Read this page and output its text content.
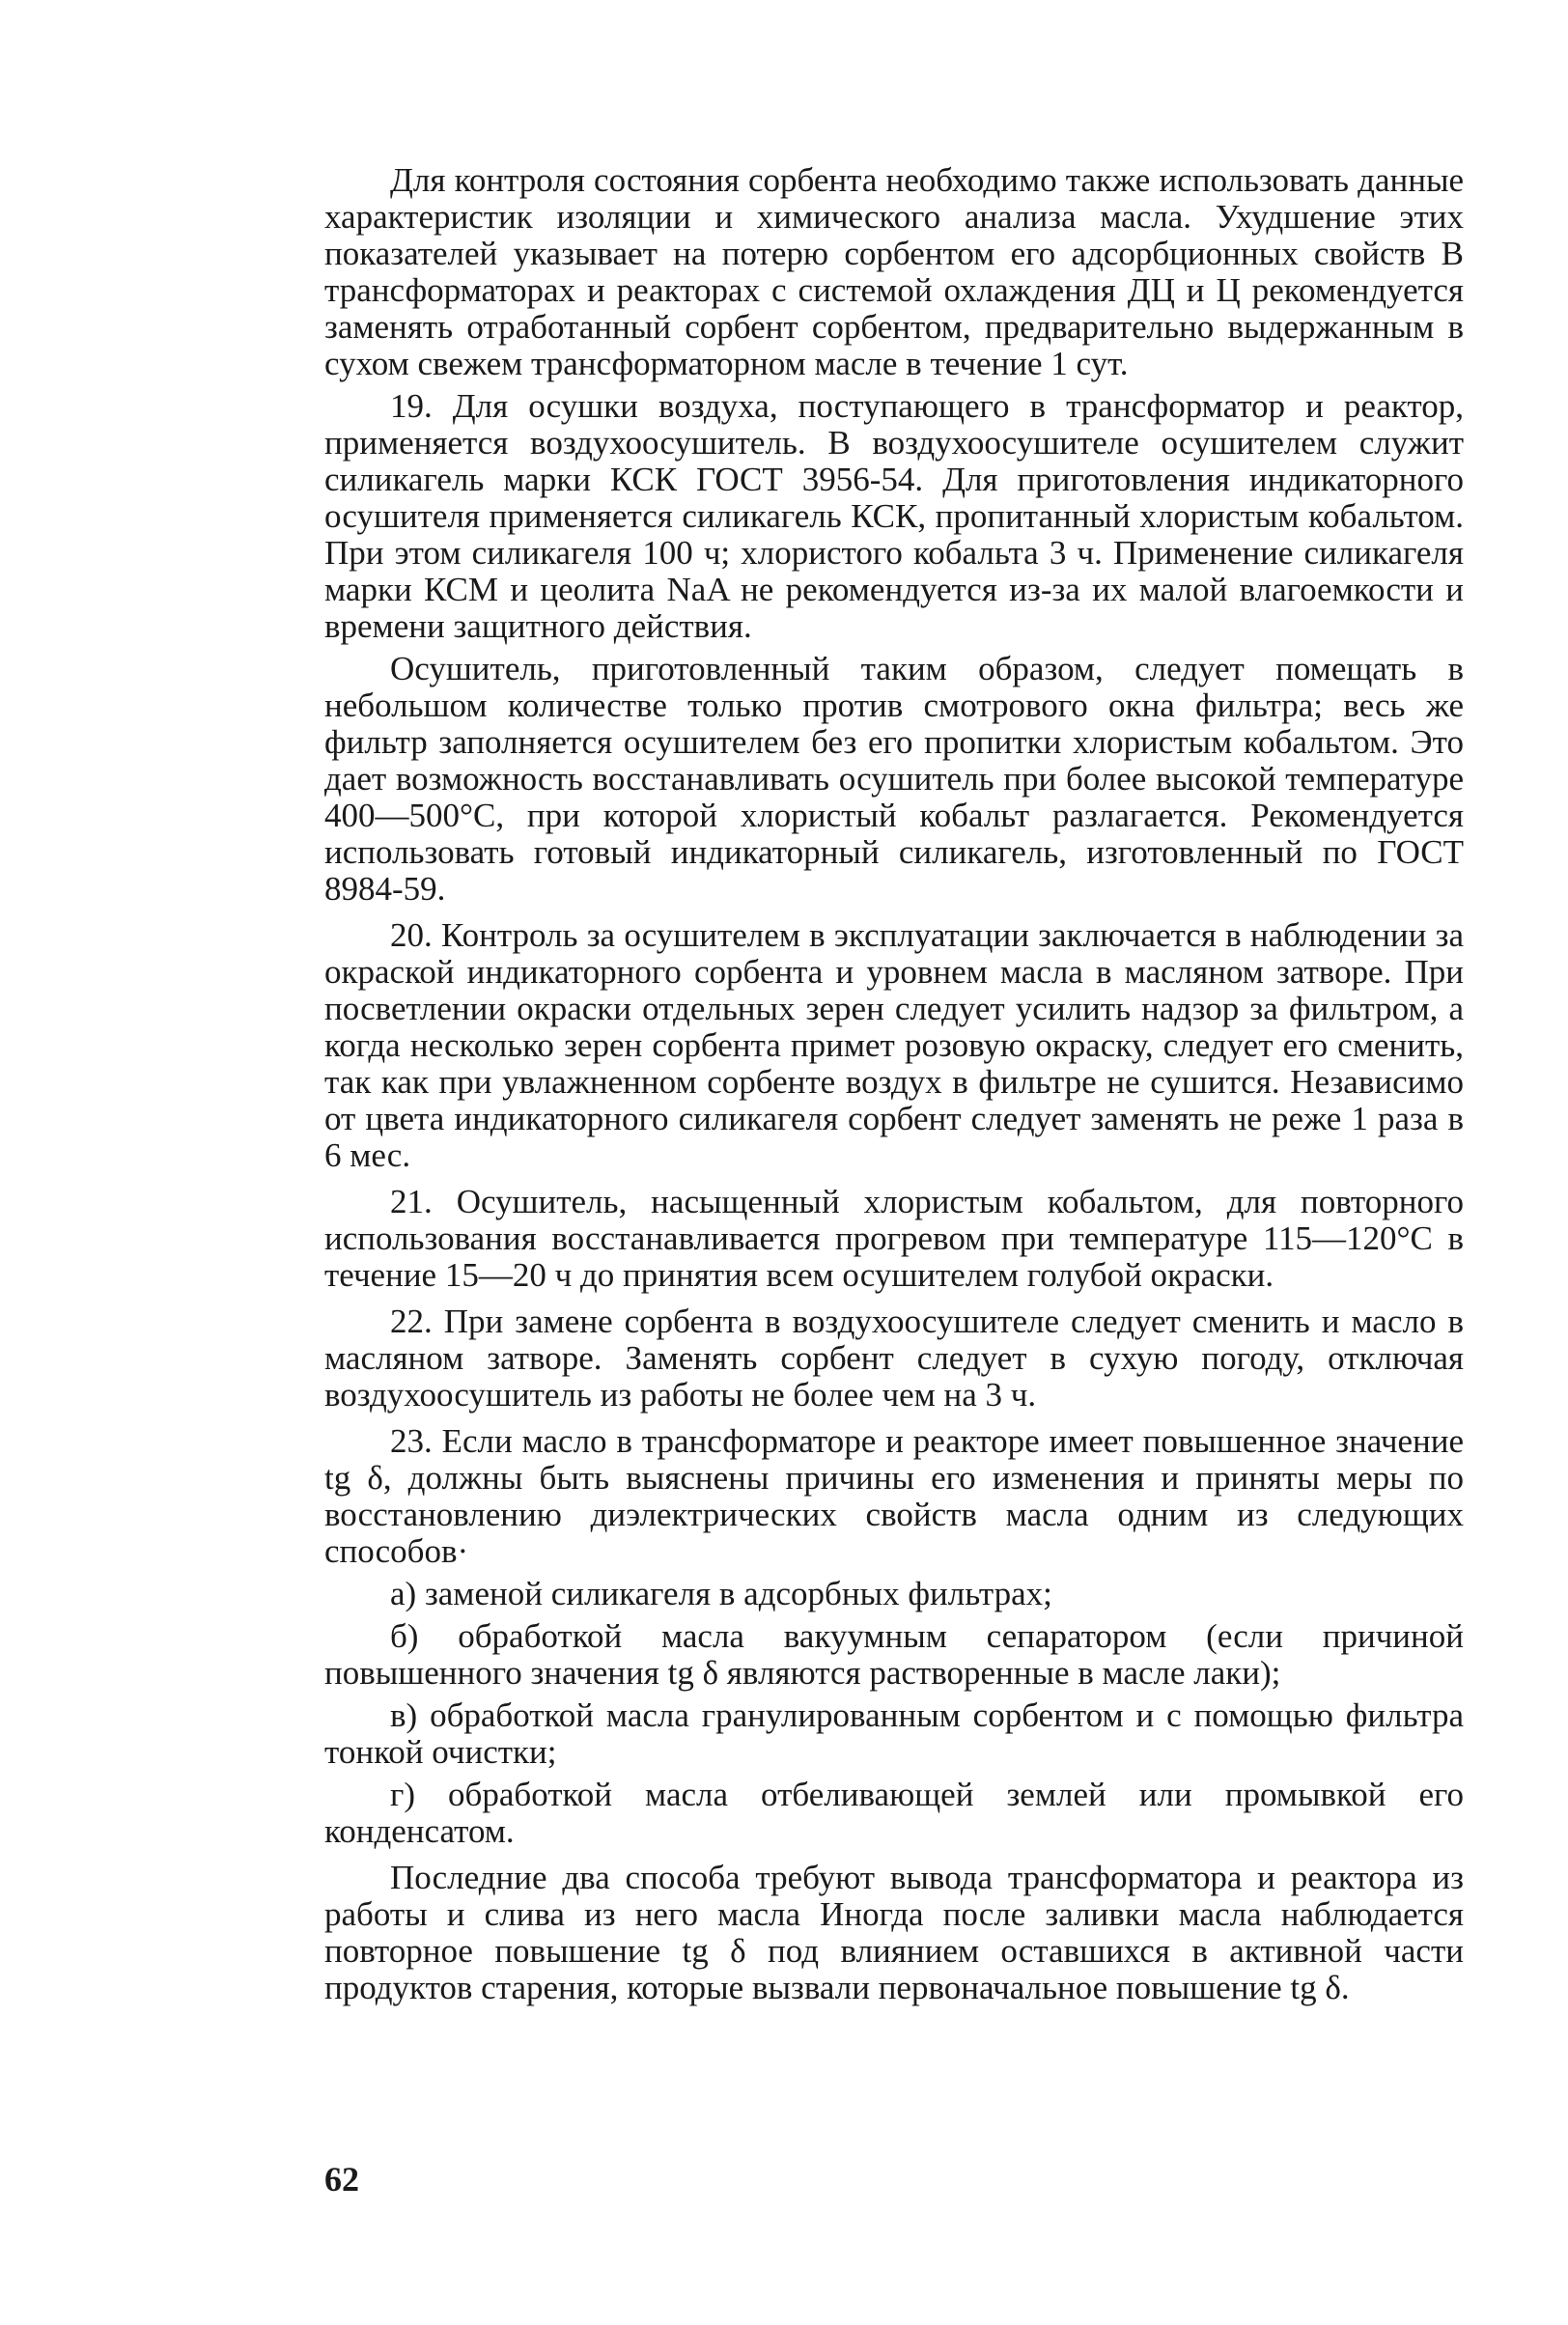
Для контроля состояния сорбента необходимо также использовать данные характеристик изоляции и химического анализа масла. Ухудшение этих показателей указывает на потерю сорбентом его адсорбционных свойств В трансформаторах и реакторах с системой охлаждения ДЦ и Ц рекомендуется заменять отработанный сорбент сорбентом, предварительно выдержанным в сухом свежем трансформаторном масле в течение 1 сут.

19. Для осушки воздуха, поступающего в трансформатор и реактор, применяется воздухоосушитель. В воздухоосушителе осушителем служит силикагель марки КСК ГОСТ 3956-54. Для приготовления индикаторного осушителя применяется силикагель КСК, пропитанный хлористым кобальтом. При этом силикагеля 100 ч; хлористого кобальта 3 ч. Применение силикагеля марки КСМ и цеолита NaA не рекомендуется из-за их малой влагоемкости и времени защитного действия.

Осушитель, приготовленный таким образом, следует помещать в небольшом количестве только против смотрового окна фильтра; весь же фильтр заполняется осушителем без его пропитки хлористым кобальтом. Это дает возможность восстанавливать осушитель при более высокой температуре 400—500°С, при которой хлористый кобальт разлагается. Рекомендуется использовать готовый индикаторный силикагель, изготовленный по ГОСТ 8984-59.

20. Контроль за осушителем в эксплуатации заключается в наблюдении за окраской индикаторного сорбента и уровнем масла в масляном затворе. При посветлении окраски отдельных зерен следует усилить надзор за фильтром, а когда несколько зерен сорбента примет розовую окраску, следует его сменить, так как при увлажненном сорбенте воздух в фильтре не сушится. Независимо от цвета индикаторного силикагеля сорбент следует заменять не реже 1 раза в 6 мес.

21. Осушитель, насыщенный хлористым кобальтом, для повторного использования восстанавливается прогревом при температуре 115—120°С в течение 15—20 ч до принятия всем осушителем голубой окраски.

22. При замене сорбента в воздухоосушителе следует сменить и масло в масляном затворе. Заменять сорбент следует в сухую погоду, отключая воздухоосушитель из работы не более чем на 3 ч.

23. Если масло в трансформаторе и реакторе имеет повышенное значение tg δ, должны быть выяснены причины его изменения и приняты меры по восстановлению диэлектрических свойств масла одним из следующих способов·

а) заменой силикагеля в адсорбных фильтрах;

б) обработкой масла вакуумным сепаратором (если причиной повышенного значения tg δ являются растворенные в масле лаки);

в) обработкой масла гранулированным сорбентом и с помощью фильтра тонкой очистки;

г) обработкой масла отбеливающей землей или промывкой его конденсатом.

Последние два способа требуют вывода трансформатора и реактора из работы и слива из него масла Иногда после заливки масла наблюдается повторное повышение tg δ под влиянием оставшихся в активной части продуктов старения, которые вызвали первоначальное повышение tg δ.

62
